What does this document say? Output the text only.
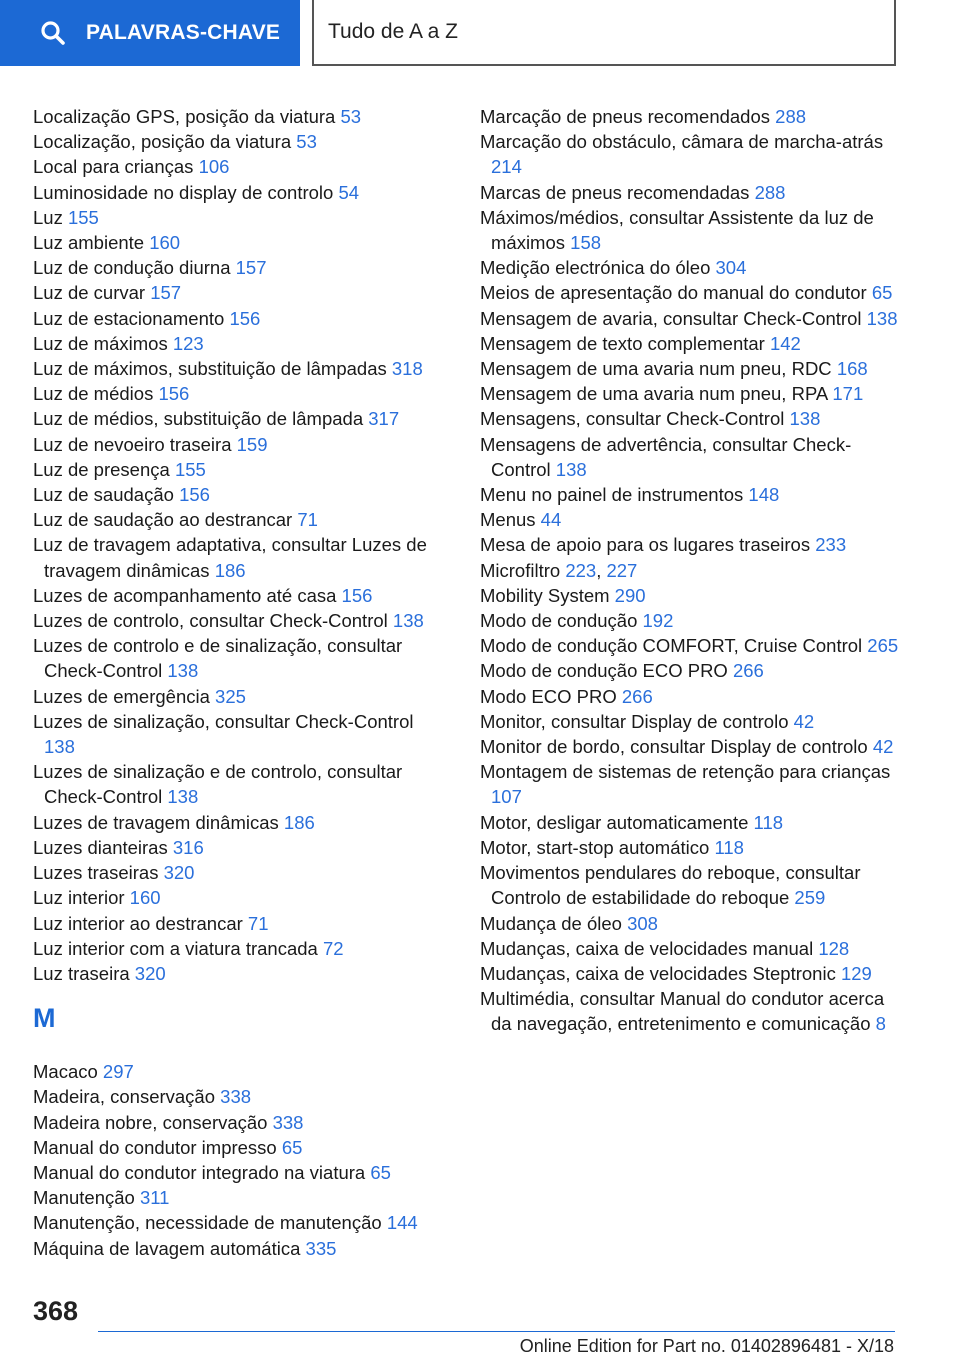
PALAVRAS-CHAVE Tudo de A a Z
Localização GPS, posição da viatura 53
Localização, posição da viatura 53
Local para crianças 106
Luminosidade no display de controlo 54
Luz 155
Luz ambiente 160
Luz de condução diurna 157
Luz de curvar 157
Luz de estacionamento 156
Luz de máximos 123
Luz de máximos, substituição de lâmpadas 318
Luz de médios 156
Luz de médios, substituição de lâmpada 317
Luz de nevoeiro traseira 159
Luz de presença 155
Luz de saudação 156
Luz de saudação ao destrancar 71
Luz de travagem adaptativa, consultar Luzes de travagem dinâmicas 186
Luzes de acompanhamento até casa 156
Luzes de controlo, consultar Check-Control 138
Luzes de controlo e de sinalização, consultar Check-Control 138
Luzes de emergência 325
Luzes de sinalização, consultar Check-Control 138
Luzes de sinalização e de controlo, consultar Check-Control 138
Luzes de travagem dinâmicas 186
Luzes dianteiras 316
Luzes traseiras 320
Luz interior 160
Luz interior ao destrancar 71
Luz interior com a viatura trancada 72
Luz traseira 320
M
Macaco 297
Madeira, conservação 338
Madeira nobre, conservação 338
Manual do condutor impresso 65
Manual do condutor integrado na viatura 65
Manutenção 311
Manutenção, necessidade de manutenção 144
Máquina de lavagem automática 335
Marcação de pneus recomendados 288
Marcação do obstáculo, câmara de marcha-atrás 214
Marcas de pneus recomendadas 288
Máximos/médios, consultar Assistente da luz de máximos 158
Medição electrónica do óleo 304
Meios de apresentação do manual do condutor 65
Mensagem de avaria, consultar Check-Control 138
Mensagem de texto complementar 142
Mensagem de uma avaria num pneu, RDC 168
Mensagem de uma avaria num pneu, RPA 171
Mensagens, consultar Check-Control 138
Mensagens de advertência, consultar Check-Control 138
Menu no painel de instrumentos 148
Menus 44
Mesa de apoio para os lugares traseiros 233
Microfiltro 223, 227
Mobility System 290
Modo de condução 192
Modo de condução COMFORT, Cruise Control 265
Modo de condução ECO PRO 266
Modo ECO PRO 266
Monitor, consultar Display de controlo 42
Monitor de bordo, consultar Display de controlo 42
Montagem de sistemas de retenção para crianças 107
Motor, desligar automaticamente 118
Motor, start-stop automático 118
Movimentos pendulares do reboque, consultar Controlo de estabilidade do reboque 259
Mudança de óleo 308
Mudanças, caixa de velocidades manual 128
Mudanças, caixa de velocidades Steptronic 129
Multimédia, consultar Manual do condutor acerca da navegação, entretenimento e comunicação 8
368
Online Edition for Part no. 01402896481 - X/18
